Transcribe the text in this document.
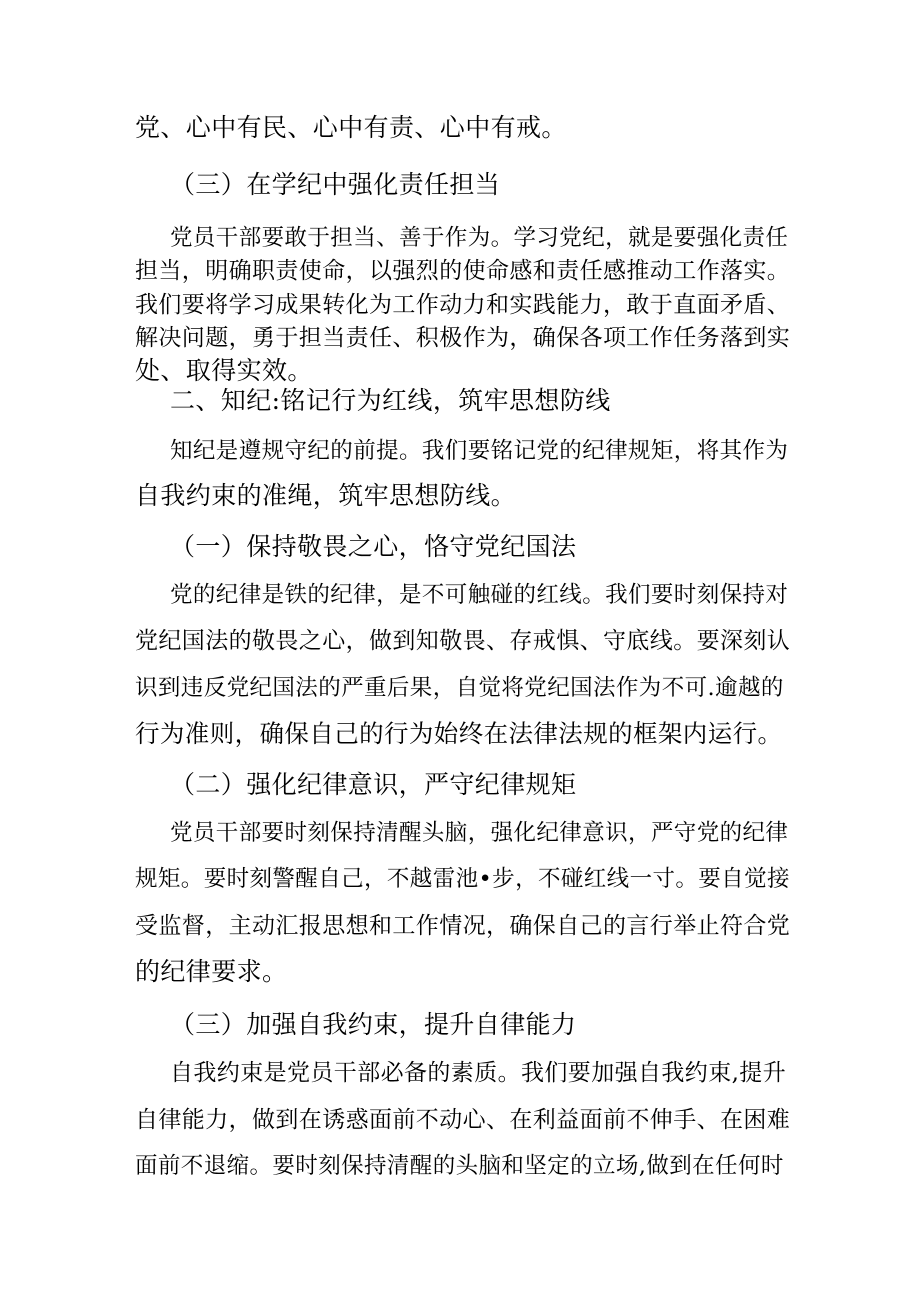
党、心中有民、心中有责、心中有戒。
（三）在学纪中强化责任担当
党员干部要敢于担当、善于作为。学习党纪，就是要强化责任
担当，明确职责使命，以强烈的使命感和责任感推动工作落实。
我们要将学习成果转化为工作动力和实践能力，敢于直面矛盾、
解决问题，勇于担当责任、积极作为，确保各项工作任务落到实
处、取得实效。
二、知纪:铭记行为红线，筑牢思想防线
知纪是遵规守纪的前提。我们要铭记党的纪律规矩，将其作为
自我约束的准绳，筑牢思想防线。
（一）保持敬畏之心，恪守党纪国法
党的纪律是铁的纪律，是不可触碰的红线。我们要时刻保持对
党纪国法的敬畏之心，做到知敬畏、存戒惧、守底线。要深刻认
识到违反党纪国法的严重后果，自觉将党纪国法作为不可.逾越的
行为准则，确保自己的行为始终在法律法规的框架内运行。
（二）强化纪律意识，严守纪律规矩
党员干部要时刻保持清醒头脑，强化纪律意识，严守党的纪律
规矩。要时刻警醒自己，不越雷池•步，不碰红线一寸。要自觉接
受监督，主动汇报思想和工作情况，确保自己的言行举止符合党
的纪律要求。
（三）加强自我约束，提升自律能力
自我约束是党员干部必备的素质。我们要加强自我约束,提升
自律能力，做到在诱惑面前不动心、在利益面前不伸手、在困难
面前不退缩。要时刻保持清醒的头脑和坚定的立场,做到在任何时
